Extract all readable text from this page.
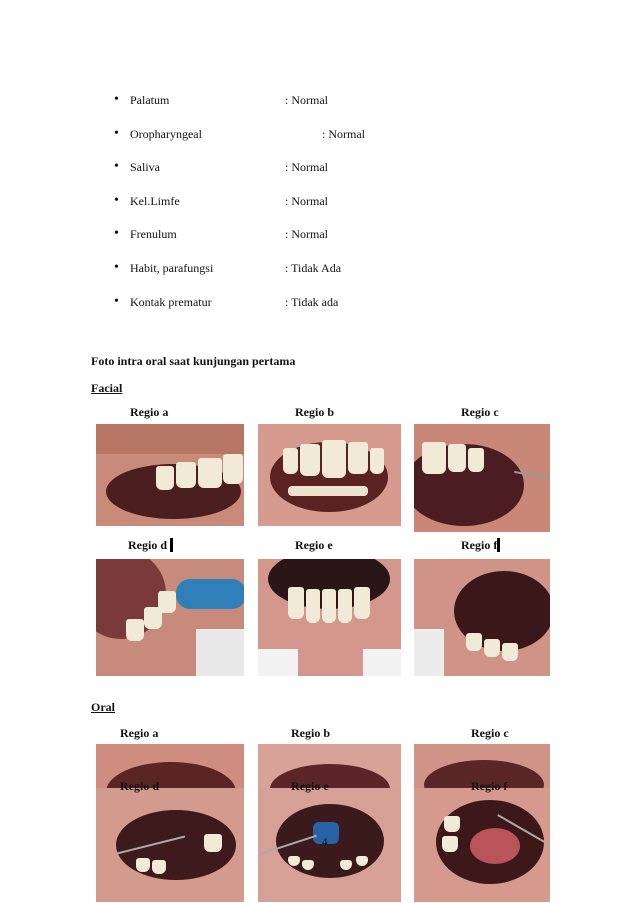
• Palatum	: Normal
• Oropharyngeal	: Normal
• Saliva	: Normal
• Kel.Limfe	: Normal
• Frenulum	: Normal
• Habit, parafungsi	: Tidak Ada
• Kontak prematur	: Tidak ada
Foto intra oral saat kunjungan pertama
Facial
Regio a	Regio b	Regio c
Regio d	Regio e	Regio f
Oral
Regio a	Regio b	Regio c
Regio d	Regio e	Regio f
4
